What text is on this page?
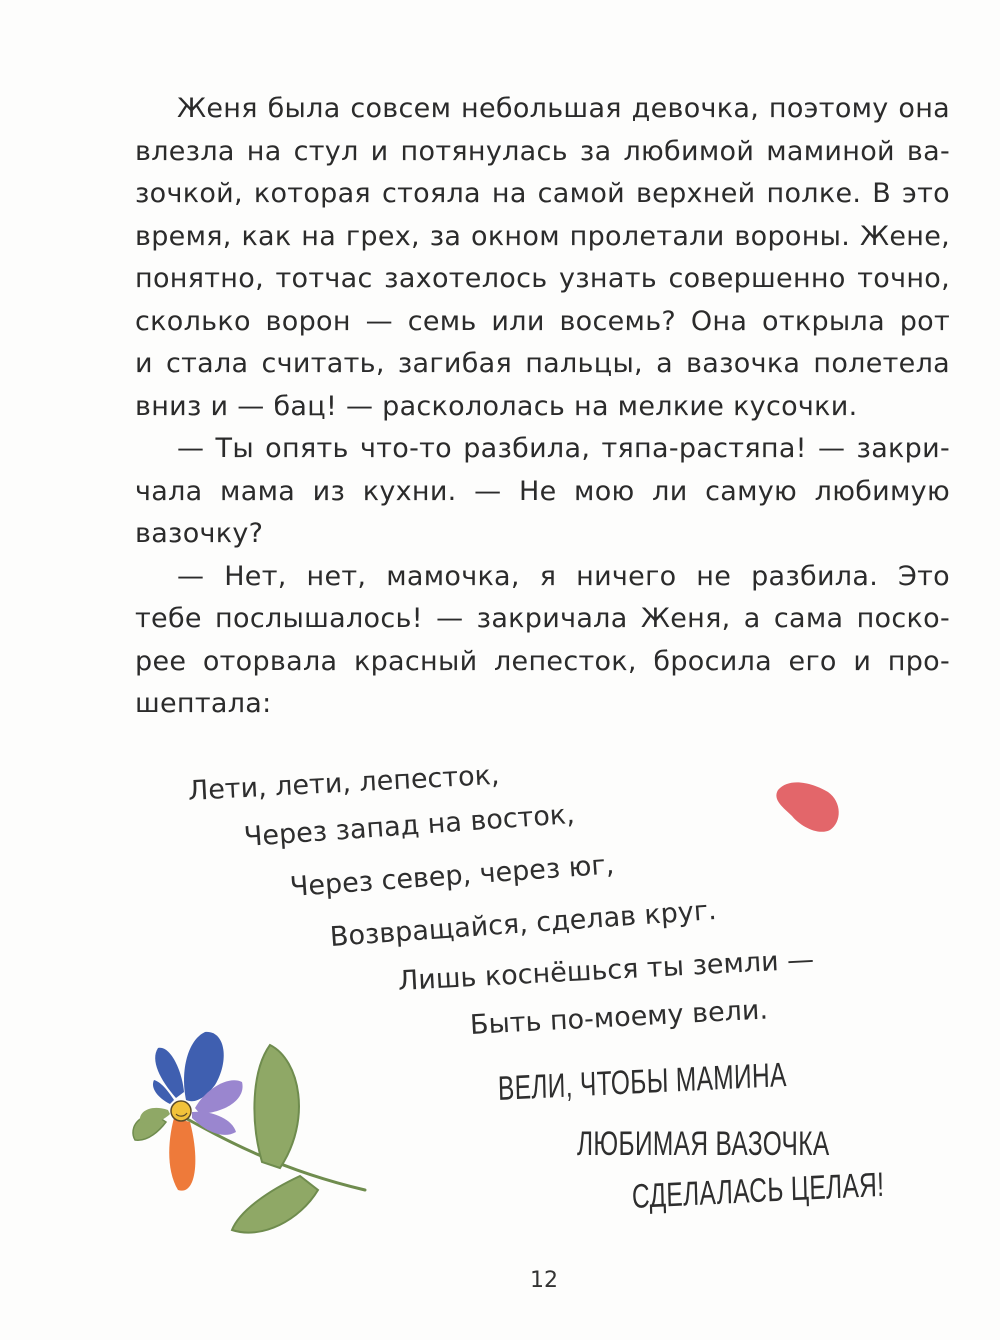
Женя была совсем небольшая девочка, поэтому она
влезла на стул и потянулась за любимой маминой ва-
зочкой, которая стояла на самой верхней полке. В это
время, как на грех, за окном пролетали вороны. Жене,
понятно, тотчас захотелось узнать совершенно точно,
сколько ворон — семь или восемь? Она открыла рот
и стала считать, загибая пальцы, а вазочка полетела
вниз и — бац! — раскололась на мелкие кусочки.

— Ты опять что-то разбила, тяпа-растяпа! — закри-
чала мама из кухни. — Не мою ли самую любимую
вазочку?

— Нет, нет, мамочка, я ничего не разбила. Это
тебе послышалось! — закричала Женя, а сама поско-
рее оторвала красный лепесток, бросила его и про-
шептала:

Лети, лети, лепесток,
Через запад на восток,
Через север, через юг,
Возвращайся, сделав круг.
Лишь коснёшься ты земли —
Быть по-моему вели.
ВЕЛИ, ЧТОБЫ МАМИНА
ЛЮБИМАЯ ВАЗОЧКА
СДЕЛАЛАСЬ ЦЕЛАЯ!
12
